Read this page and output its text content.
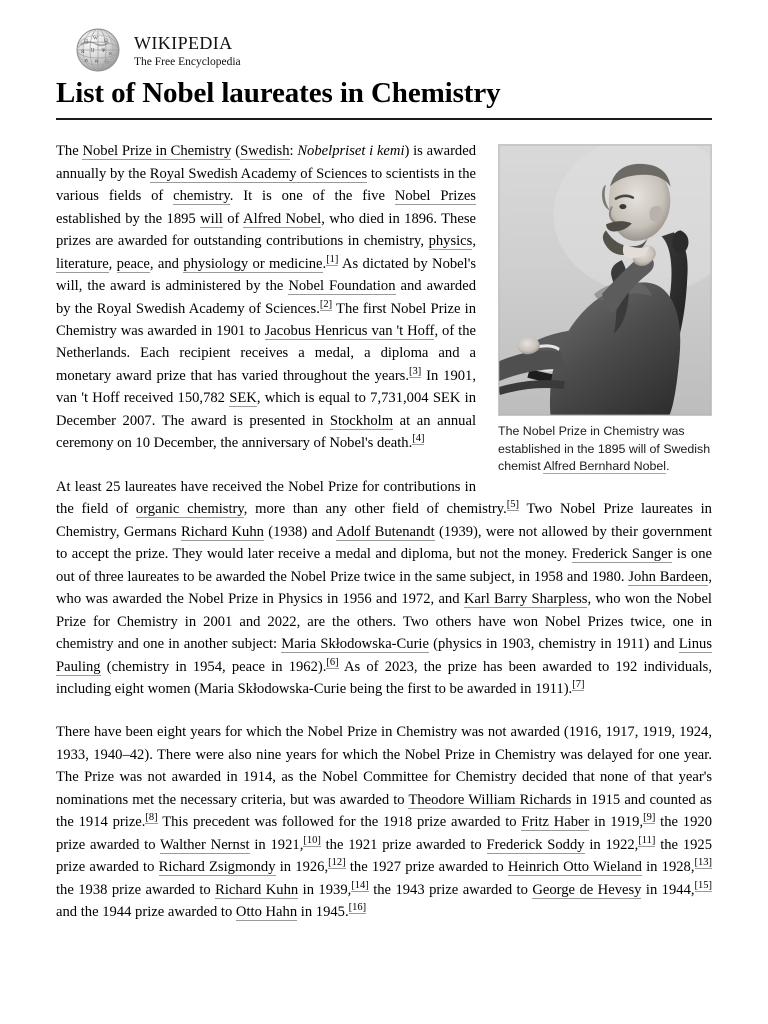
鳥
W Ω
Я Ц Ψ
א
ክ म ら
wikipedia
The Free Encyclopedia
List of Nobel laureates in Chemistry
The Nobel Prize in Chemistry was established in the 1895 will of Swedish chemist Alfred Bernhard Nobel.

The Nobel Prize in Chemistry (Swedish: Nobelpriset i kemi) is awarded annually by the Royal Swedish Academy of Sciences to scientists in the various fields of chemistry. It is one of the five Nobel Prizes established by the 1895 will of Alfred Nobel, who died in 1896. These prizes are awarded for outstanding contributions in chemistry, physics, literature, peace, and physiology or medicine.[1] As dictated by Nobel's will, the award is administered by the Nobel Foundation and awarded by the Royal Swedish Academy of Sciences.[2] The first Nobel Prize in Chemistry was awarded in 1901 to Jacobus Henricus van 't Hoff, of the Netherlands. Each recipient receives a medal, a diploma and a monetary award prize that has varied throughout the years.[3] In 1901, van 't Hoff received 150,782 SEK, which is equal to 7,731,004 SEK in December 2007. The award is presented in Stockholm at an annual ceremony on 10 December, the anniversary of Nobel's death.[4]

At least 25 laureates have received the Nobel Prize for contributions in the field of organic chemistry, more than any other field of chemistry.[5] Two Nobel Prize laureates in Chemistry, Germans Richard Kuhn (1938) and Adolf Butenandt (1939), were not allowed by their government to accept the prize. They would later receive a medal and diploma, but not the money. Frederick Sanger is one out of three laureates to be awarded the Nobel Prize twice in the same subject, in 1958 and 1980. John Bardeen, who was awarded the Nobel Prize in Physics in 1956 and 1972, and Karl Barry Sharpless, who won the Nobel Prize for Chemistry in 2001 and 2022, are the others. Two others have won Nobel Prizes twice, one in chemistry and one in another subject: Maria Skłodowska-Curie (physics in 1903, chemistry in 1911) and Linus Pauling (chemistry in 1954, peace in 1962).[6] As of 2023, the prize has been awarded to 192 individuals, including eight women (Maria Skłodowska-Curie being the first to be awarded in 1911).[7]

There have been eight years for which the Nobel Prize in Chemistry was not awarded (1916, 1917, 1919, 1924, 1933, 1940–42). There were also nine years for which the Nobel Prize in Chemistry was delayed for one year. The Prize was not awarded in 1914, as the Nobel Committee for Chemistry decided that none of that year's nominations met the necessary criteria, but was awarded to Theodore William Richards in 1915 and counted as the 1914 prize.[8] This precedent was followed for the 1918 prize awarded to Fritz Haber in 1919,[9] the 1920 prize awarded to Walther Nernst in 1921,[10] the 1921 prize awarded to Frederick Soddy in 1922,[11] the 1925 prize awarded to Richard Zsigmondy in 1926,[12] the 1927 prize awarded to Heinrich Otto Wieland in 1928,[13] the 1938 prize awarded to Richard Kuhn in 1939,[14] the 1943 prize awarded to George de Hevesy in 1944,[15] and the 1944 prize awarded to Otto Hahn in 1945.[16]
